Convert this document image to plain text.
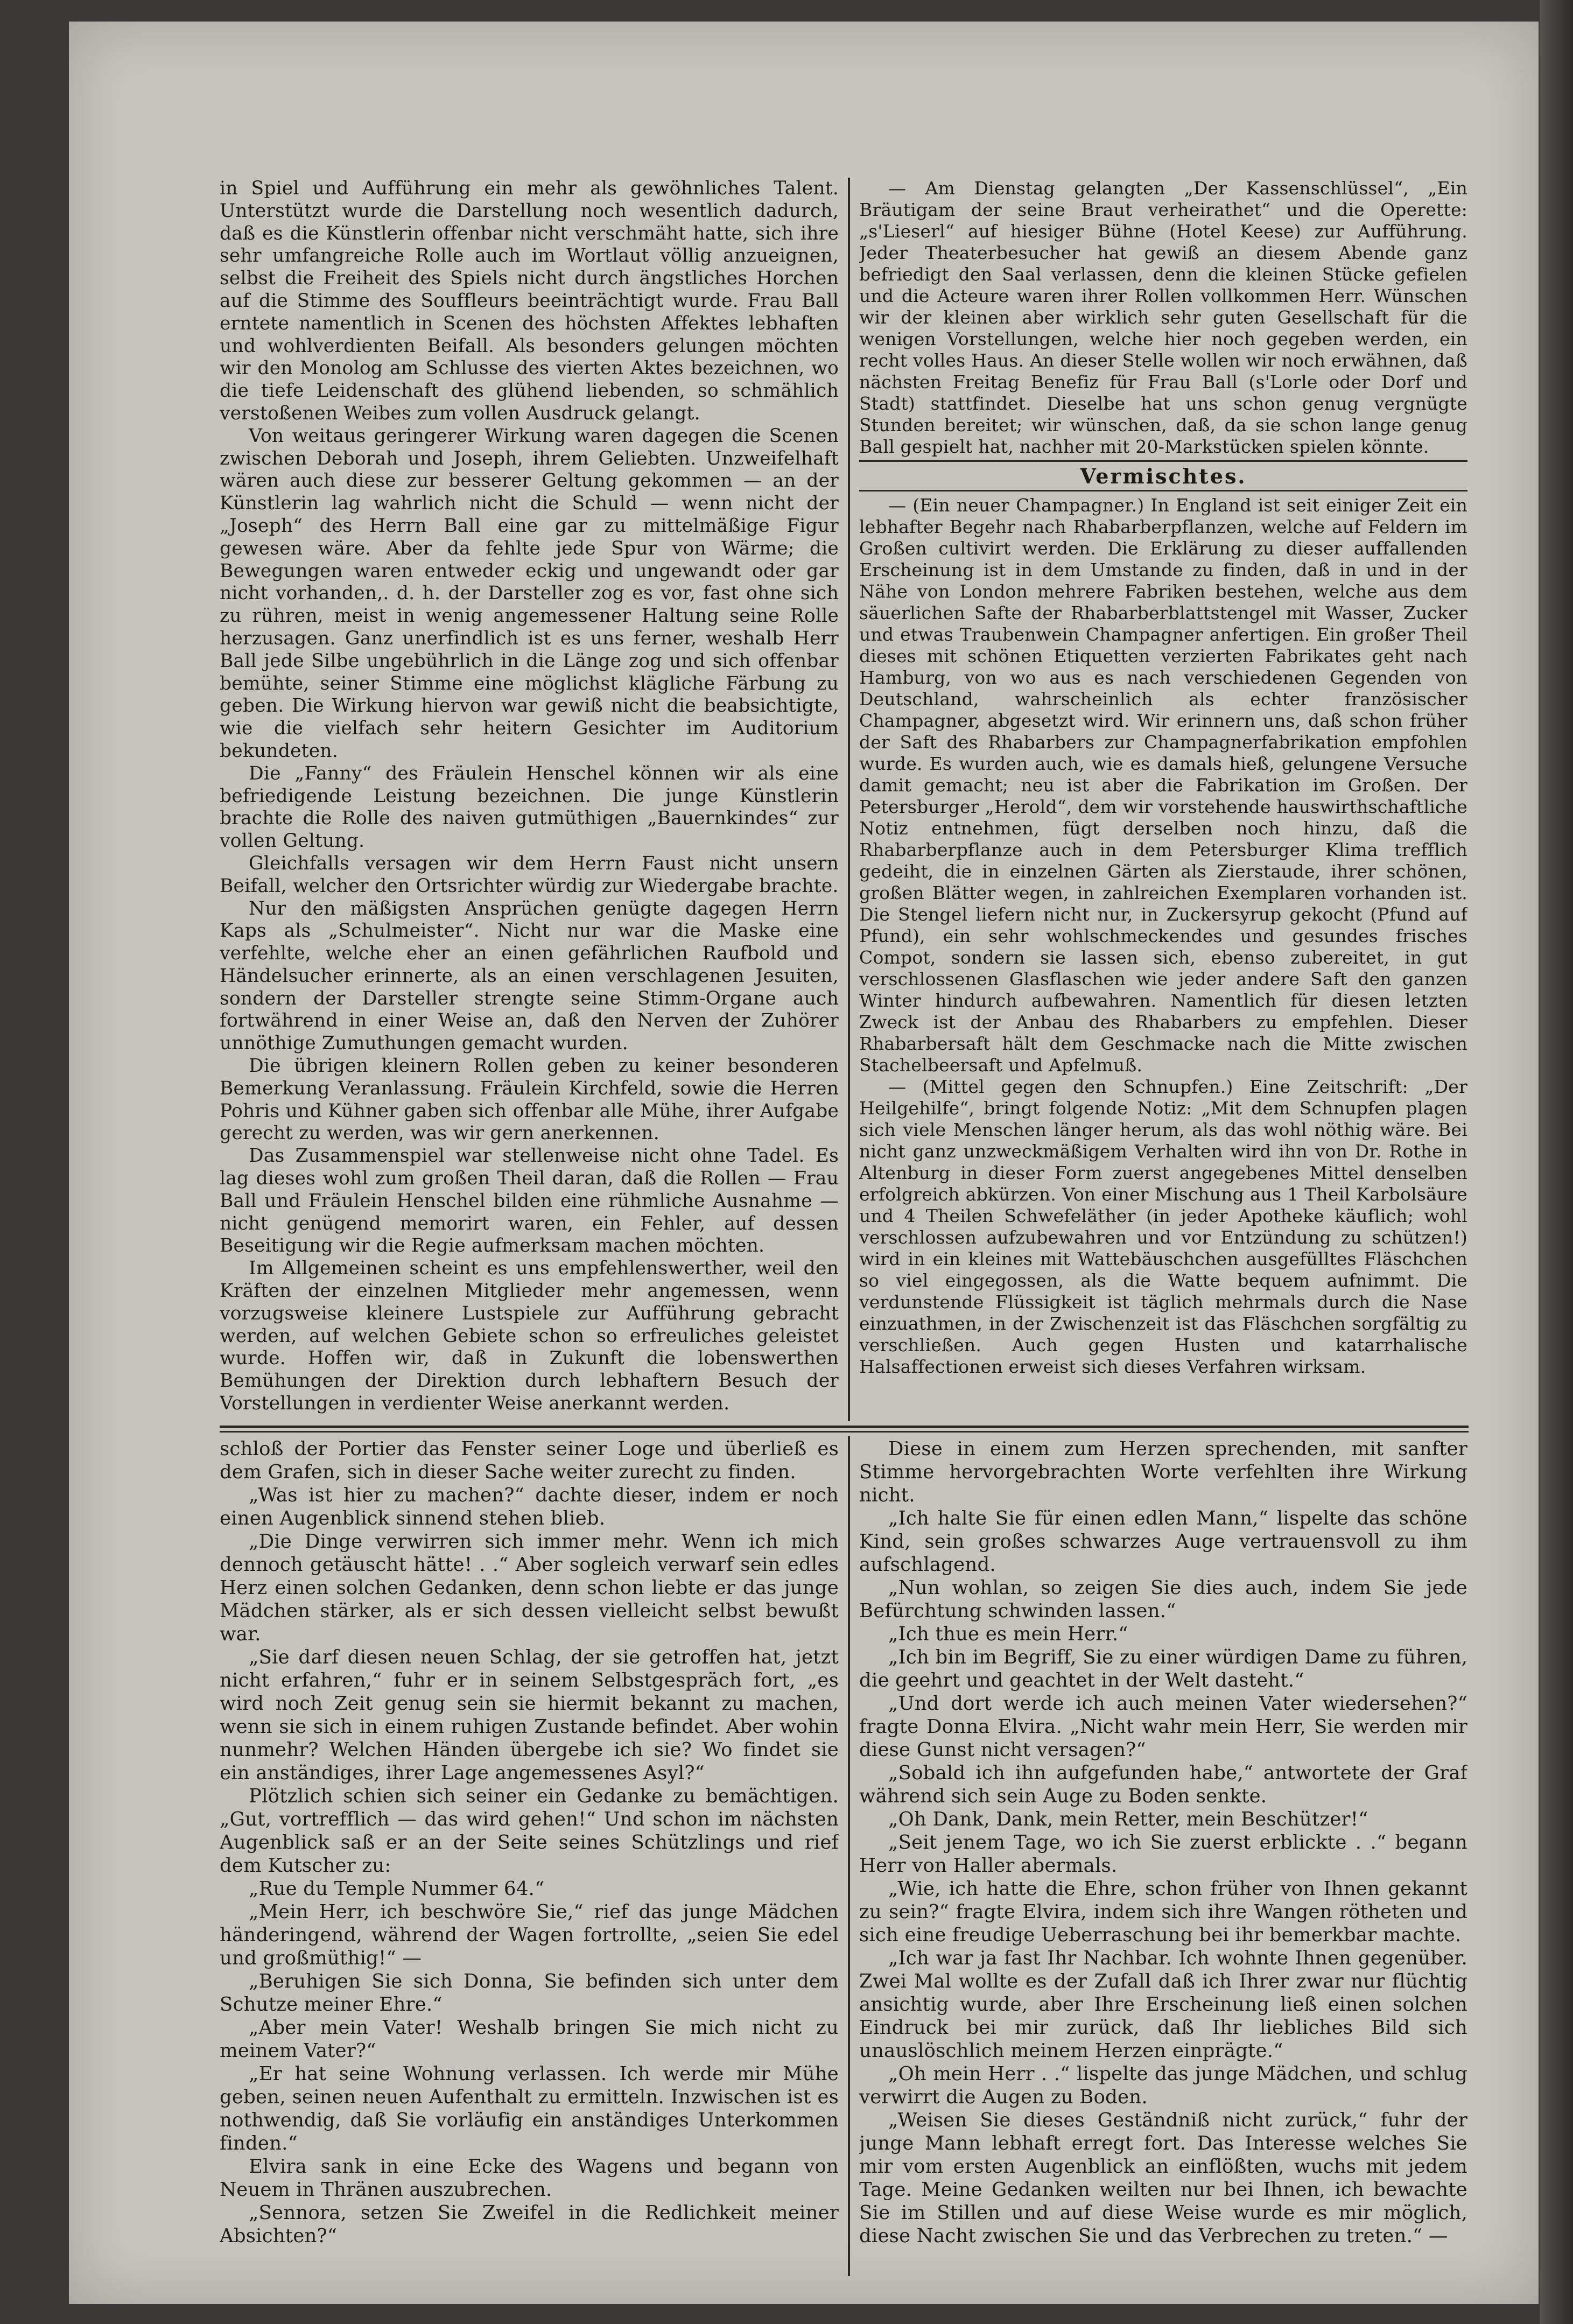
in Spiel und Aufführung ein mehr als gewöhnliches Talent. Unterstützt wurde die Darstellung noch wesentlich dadurch, daß es die Künstlerin offenbar nicht verschmäht hatte, sich ihre sehr umfangreiche Rolle auch im Wortlaut völlig anzueignen, selbst die Freiheit des Spiels nicht durch ängstliches Horchen auf die Stimme des Souffleurs beeinträchtigt wurde. Frau Ball erntete namentlich in Scenen des höchsten Affektes lebhaften und wohlverdienten Beifall. Als besonders gelungen möchten wir den Monolog am Schlusse des vierten Aktes bezeichnen, wo die tiefe Leidenschaft des glühend liebenden, so schmählich verstoßenen Weibes zum vollen Ausdruck gelangt.

Von weitaus geringerer Wirkung waren dagegen die Scenen zwischen Deborah und Joseph, ihrem Geliebten. Unzweifelhaft wären auch diese zur besserer Geltung gekommen — an der Künstlerin lag wahrlich nicht die Schuld — wenn nicht der „Joseph“ des Herrn Ball eine gar zu mittelmäßige Figur gewesen wäre. Aber da fehlte jede Spur von Wärme; die Bewegungen waren entweder eckig und ungewandt oder gar nicht vorhanden,. d. h. der Darsteller zog es vor, fast ohne sich zu rühren, meist in wenig angemessener Haltung seine Rolle herzusagen. Ganz unerfindlich ist es uns ferner, weshalb Herr Ball jede Silbe ungebührlich in die Länge zog und sich offenbar bemühte, seiner Stimme eine möglichst klägliche Färbung zu geben. Die Wirkung hiervon war gewiß nicht die beabsichtigte, wie die vielfach sehr heitern Gesichter im Auditorium bekundeten.

Die „Fanny“ des Fräulein Henschel können wir als eine befriedigende Leistung bezeichnen. Die junge Künstlerin brachte die Rolle des naiven gutmüthigen „Bauernkindes“ zur vollen Geltung.

Gleichfalls versagen wir dem Herrn Faust nicht unsern Beifall, welcher den Ortsrichter würdig zur Wiedergabe brachte.

Nur den mäßigsten Ansprüchen genügte dagegen Herrn Kaps als „Schulmeister“. Nicht nur war die Maske eine verfehlte, welche eher an einen gefährlichen Raufbold und Händelsucher erinnerte, als an einen verschlagenen Jesuiten, sondern der Darsteller strengte seine Stimm-Organe auch fortwährend in einer Weise an, daß den Nerven der Zuhörer unnöthige Zumuthungen gemacht wurden.

Die übrigen kleinern Rollen geben zu keiner besonderen Bemerkung Veranlassung. Fräulein Kirchfeld, sowie die Herren Pohris und Kühner gaben sich offenbar alle Mühe, ihrer Aufgabe gerecht zu werden, was wir gern anerkennen.

Das Zusammenspiel war stellenweise nicht ohne Tadel. Es lag dieses wohl zum großen Theil daran, daß die Rollen — Frau Ball und Fräulein Henschel bilden eine rühmliche Ausnahme — nicht genügend memorirt waren, ein Fehler, auf dessen Beseitigung wir die Regie aufmerksam machen möchten.

Im Allgemeinen scheint es uns empfehlenswerther, weil den Kräften der einzelnen Mitglieder mehr angemessen, wenn vorzugsweise kleinere Lustspiele zur Aufführung gebracht werden, auf welchen Gebiete schon so erfreuliches geleistet wurde. Hoffen wir, daß in Zukunft die lobenswerthen Bemühungen der Direktion durch lebhaftern Besuch der Vorstellungen in verdienter Weise anerkannt werden.

— Am Dienstag gelangten „Der Kassenschlüssel“, „Ein Bräutigam der seine Braut verheirathet“ und die Operette: „s'Lieserl“ auf hiesiger Bühne (Hotel Keese) zur Aufführung. Jeder Theaterbesucher hat gewiß an diesem Abende ganz befriedigt den Saal verlassen, denn die kleinen Stücke gefielen und die Acteure waren ihrer Rollen vollkommen Herr. Wünschen wir der kleinen aber wirklich sehr guten Gesellschaft für die wenigen Vorstellungen, welche hier noch gegeben werden, ein recht volles Haus. An dieser Stelle wollen wir noch erwähnen, daß nächsten Freitag Benefiz für Frau Ball (s'Lorle oder Dorf und Stadt) stattfindet. Dieselbe hat uns schon genug vergnügte Stunden bereitet; wir wünschen, daß, da sie schon lange genug Ball gespielt hat, nachher mit 20-Markstücken spielen könnte.

Vermischtes.

— (Ein neuer Champagner.) In England ist seit einiger Zeit ein lebhafter Begehr nach Rhabarberpflanzen, welche auf Feldern im Großen cultivirt werden. Die Erklärung zu dieser auffallenden Erscheinung ist in dem Umstande zu finden, daß in und in der Nähe von London mehrere Fabriken bestehen, welche aus dem säuerlichen Safte der Rhabarberblattstengel mit Wasser, Zucker und etwas Traubenwein Champagner anfertigen. Ein großer Theil dieses mit schönen Etiquetten verzierten Fabrikates geht nach Hamburg, von wo aus es nach verschiedenen Gegenden von Deutschland, wahrscheinlich als echter französischer Champagner, abgesetzt wird. Wir erinnern uns, daß schon früher der Saft des Rhabarbers zur Champagnerfabrikation empfohlen wurde. Es wurden auch, wie es damals hieß, gelungene Versuche damit gemacht; neu ist aber die Fabrikation im Großen. Der Petersburger „Herold“, dem wir vorstehende hauswirthschaftliche Notiz entnehmen, fügt derselben noch hinzu, daß die Rhabarberpflanze auch in dem Petersburger Klima trefflich gedeiht, die in einzelnen Gärten als Zierstaude, ihrer schönen, großen Blätter wegen, in zahlreichen Exemplaren vorhanden ist. Die Stengel liefern nicht nur, in Zuckersyrup gekocht (Pfund auf Pfund), ein sehr wohlschmeckendes und gesundes frisches Compot, sondern sie lassen sich, ebenso zubereitet, in gut verschlossenen Glasflaschen wie jeder andere Saft den ganzen Winter hindurch aufbewahren. Namentlich für diesen letzten Zweck ist der Anbau des Rhabarbers zu empfehlen. Dieser Rhabarbersaft hält dem Geschmacke nach die Mitte zwischen Stachelbeersaft und Apfelmuß.

— (Mittel gegen den Schnupfen.) Eine Zeitschrift: „Der Heilgehilfe“, bringt folgende Notiz: „Mit dem Schnupfen plagen sich viele Menschen länger herum, als das wohl nöthig wäre. Bei nicht ganz unzweckmäßigem Verhalten wird ihn von Dr. Rothe in Altenburg in dieser Form zuerst angegebenes Mittel denselben erfolgreich abkürzen. Von einer Mischung aus 1 Theil Karbolsäure und 4 Theilen Schwefeläther (in jeder Apotheke käuflich; wohl verschlossen aufzubewahren und vor Entzündung zu schützen!) wird in ein kleines mit Wattebäuschchen ausgefülltes Fläschchen so viel eingegossen, als die Watte bequem aufnimmt. Die verdunstende Flüssigkeit ist täglich mehrmals durch die Nase einzuathmen, in der Zwischenzeit ist das Fläschchen sorgfältig zu verschließen. Auch gegen Husten und katarrhalische Halsaffectionen erweist sich dieses Verfahren wirksam.

schloß der Portier das Fenster seiner Loge und überließ es dem Grafen, sich in dieser Sache weiter zurecht zu finden.

„Was ist hier zu machen?“ dachte dieser, indem er noch einen Augenblick sinnend stehen blieb.

„Die Dinge verwirren sich immer mehr. Wenn ich mich dennoch getäuscht hätte! . .“ Aber sogleich verwarf sein edles Herz einen solchen Gedanken, denn schon liebte er das junge Mädchen stärker, als er sich dessen vielleicht selbst bewußt war.

„Sie darf diesen neuen Schlag, der sie getroffen hat, jetzt nicht erfahren,“ fuhr er in seinem Selbstgespräch fort, „es wird noch Zeit genug sein sie hiermit bekannt zu machen, wenn sie sich in einem ruhigen Zustande befindet. Aber wohin nunmehr? Welchen Händen übergebe ich sie? Wo findet sie ein anständiges, ihrer Lage angemessenes Asyl?“

Plötzlich schien sich seiner ein Gedanke zu bemächtigen. „Gut, vortrefflich — das wird gehen!“ Und schon im nächsten Augenblick saß er an der Seite seines Schützlings und rief dem Kutscher zu:

„Rue du Temple Nummer 64.“

„Mein Herr, ich beschwöre Sie,“ rief das junge Mädchen händeringend, während der Wagen fortrollte, „seien Sie edel und großmüthig!“ —

„Beruhigen Sie sich Donna, Sie befinden sich unter dem Schutze meiner Ehre.“

„Aber mein Vater! Weshalb bringen Sie mich nicht zu meinem Vater?“

„Er hat seine Wohnung verlassen. Ich werde mir Mühe geben, seinen neuen Aufenthalt zu ermitteln. Inzwischen ist es nothwendig, daß Sie vorläufig ein anständiges Unterkommen finden.“

Elvira sank in eine Ecke des Wagens und begann von Neuem in Thränen auszubrechen.

„Sennora, setzen Sie Zweifel in die Redlichkeit meiner Absichten?“

Diese in einem zum Herzen sprechenden, mit sanfter Stimme hervorgebrachten Worte verfehlten ihre Wirkung nicht.

„Ich halte Sie für einen edlen Mann,“ lispelte das schöne Kind, sein großes schwarzes Auge vertrauensvoll zu ihm aufschlagend.

„Nun wohlan, so zeigen Sie dies auch, indem Sie jede Befürchtung schwinden lassen.“

„Ich thue es mein Herr.“

„Ich bin im Begriff, Sie zu einer würdigen Dame zu führen, die geehrt und geachtet in der Welt dasteht.“

„Und dort werde ich auch meinen Vater wiedersehen?“ fragte Donna Elvira. „Nicht wahr mein Herr, Sie werden mir diese Gunst nicht versagen?“

„Sobald ich ihn aufgefunden habe,“ antwortete der Graf während sich sein Auge zu Boden senkte.

„Oh Dank, Dank, mein Retter, mein Beschützer!“

„Seit jenem Tage, wo ich Sie zuerst erblickte . .“ begann Herr von Haller abermals.

„Wie, ich hatte die Ehre, schon früher von Ihnen gekannt zu sein?“ fragte Elvira, indem sich ihre Wangen rötheten und sich eine freudige Ueberraschung bei ihr bemerkbar machte.

„Ich war ja fast Ihr Nachbar. Ich wohnte Ihnen gegenüber. Zwei Mal wollte es der Zufall daß ich Ihrer zwar nur flüchtig ansichtig wurde, aber Ihre Erscheinung ließ einen solchen Eindruck bei mir zurück, daß Ihr liebliches Bild sich unauslöschlich meinem Herzen einprägte.“

„Oh mein Herr . .“ lispelte das junge Mädchen, und schlug verwirrt die Augen zu Boden.

„Weisen Sie dieses Geständniß nicht zurück,“ fuhr der junge Mann lebhaft erregt fort. Das Interesse welches Sie mir vom ersten Augenblick an einflößten, wuchs mit jedem Tage. Meine Gedanken weilten nur bei Ihnen, ich bewachte Sie im Stillen und auf diese Weise wurde es mir möglich, diese Nacht zwischen Sie und das Verbrechen zu treten.“ —
